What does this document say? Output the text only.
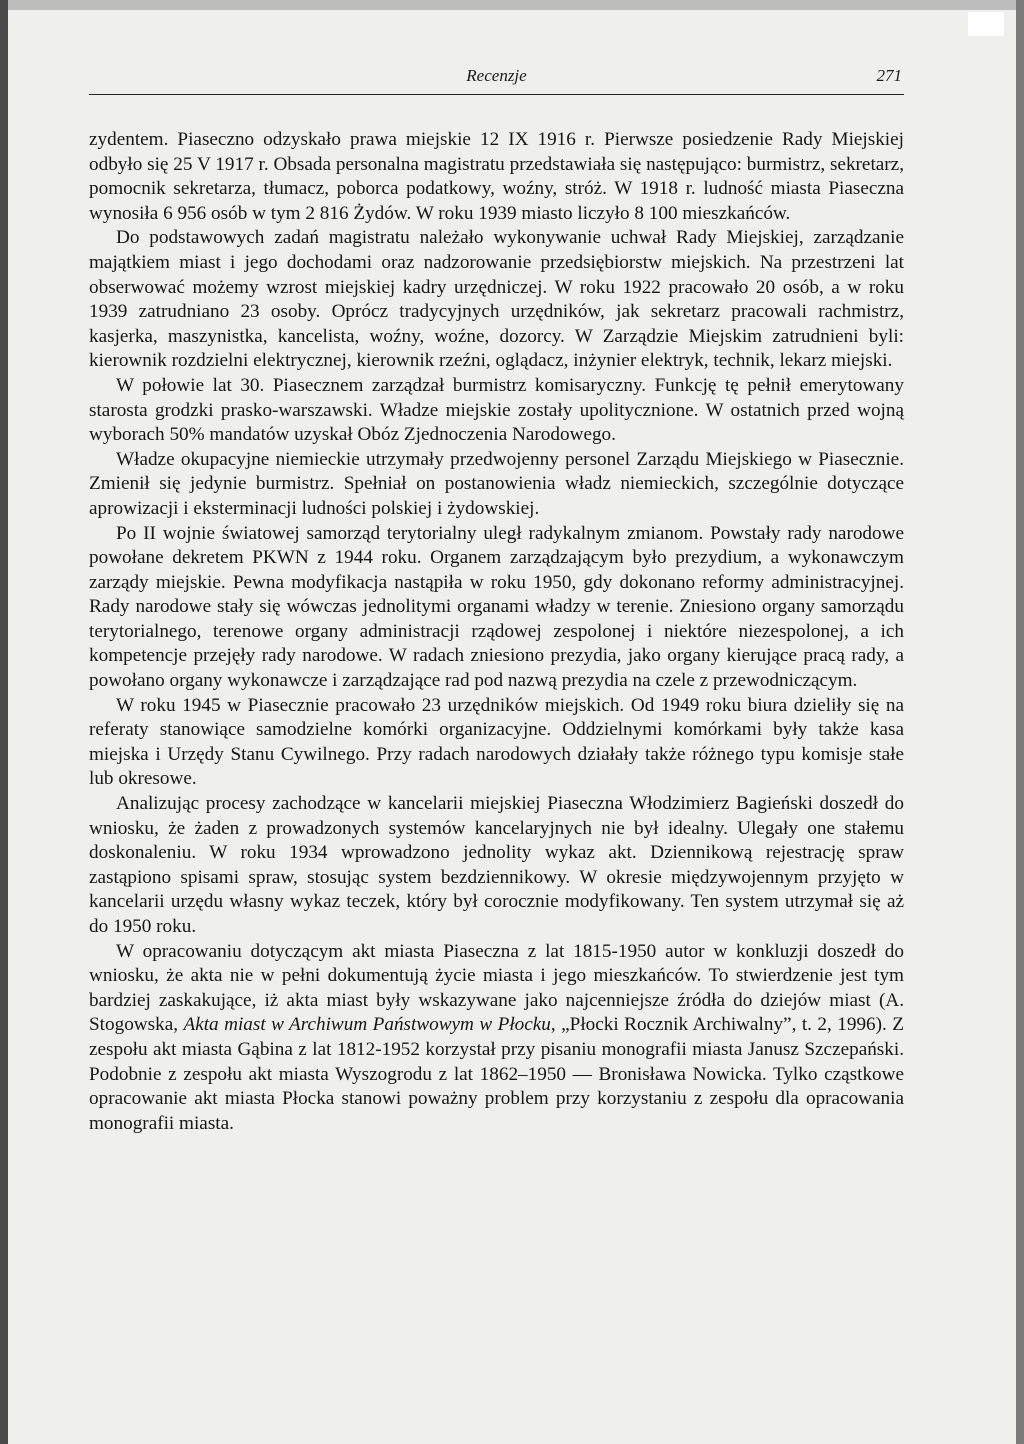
Recenzje	271

zydentem. Piaseczno odzyskało prawa miejskie 12 IX 1916 r. Pierwsze posiedzenie Rady Miejskiej odbyło się 25 V 1917 r. Obsada personalna magistratu przedstawiała się następująco: burmistrz, sekretarz, pomocnik sekretarza, tłumacz, poborca podatkowy, woźny, stróż. W 1918 r. ludność miasta Piaseczna wynosiła 6 956 osób w tym 2 816 Żydów. W roku 1939 miasto liczyło 8 100 mieszkańców.

Do podstawowych zadań magistratu należało wykonywanie uchwał Rady Miejskiej, zarządzanie majątkiem miast i jego dochodami oraz nadzorowanie przedsiębiorstw miejskich. Na przestrzeni lat obserwować możemy wzrost miejskiej kadry urzędniczej. W roku 1922 pracowało 20 osób, a w roku 1939 zatrudniano 23 osoby. Oprócz tradycyjnych urzędników, jak sekretarz pracowali rachmistrz, kasjerka, maszynistka, kancelista, woźny, woźne, dozorcy. W Zarządzie Miejskim zatrudnieni byli: kierownik rozdzielni elektrycznej, kierownik rzeźni, oglądacz, inżynier elektryk, technik, lekarz miejski.

W połowie lat 30. Piasecznem zarządzał burmistrz komisaryczny. Funkcję tę pełnił emerytowany starosta grodzki prasko-warszawski. Władze miejskie zostały upolitycznione. W ostatnich przed wojną wyborach 50% mandatów uzyskał Obóz Zjednoczenia Narodowego.

Władze okupacyjne niemieckie utrzymały przedwojenny personel Zarządu Miejskiego w Piasecznie. Zmienił się jedynie burmistrz. Spełniał on postanowienia władz niemieckich, szczególnie dotyczące aprowizacji i eksterminacji ludności polskiej i żydowskiej.

Po II wojnie światowej samorząd terytorialny uległ radykalnym zmianom. Powstały rady narodowe powołane dekretem PKWN z 1944 roku. Organem zarządzającym było prezydium, a wykonawczym zarządy miejskie. Pewna modyfikacja nastąpiła w roku 1950, gdy dokonano reformy administracyjnej. Rady narodowe stały się wówczas jednolitymi organami władzy w terenie. Zniesiono organy samorządu terytorialnego, terenowe organy administracji rządowej zespolonej i niektóre niezespolonej, a ich kompetencje przejęły rady narodowe. W radach zniesiono prezydia, jako organy kierujące pracą rady, a powołano organy wykonawcze i zarządzające rad pod nazwą prezydia na czele z przewodniczącym.

W roku 1945 w Piasecznie pracowało 23 urzędników miejskich. Od 1949 roku biura dzieliły się na referaty stanowiące samodzielne komórki organizacyjne. Oddzielnymi komórkami były także kasa miejska i Urzędy Stanu Cywilnego. Przy radach narodowych działały także różnego typu komisje stałe lub okresowe.

Analizując procesy zachodzące w kancelarii miejskiej Piaseczna Włodzimierz Bagieński doszedł do wniosku, że żaden z prowadzonych systemów kancelaryjnych nie był idealny. Ulegały one stałemu doskonaleniu. W roku 1934 wprowadzono jednolity wykaz akt. Dziennikową rejestrację spraw zastąpiono spisami spraw, stosując system bezdziennikowy. W okresie międzywojennym przyjęto w kancelarii urzędu własny wykaz teczek, który był corocznie modyfikowany. Ten system utrzymał się aż do 1950 roku.

W opracowaniu dotyczącym akt miasta Piaseczna z lat 1815-1950 autor w konkluzji doszedł do wniosku, że akta nie w pełni dokumentują życie miasta i jego mieszkańców. To stwierdzenie jest tym bardziej zaskakujące, iż akta miast były wskazywane jako najcenniejsze źródła do dziejów miast (A. Stogowska, Akta miast w Archiwum Państwowym w Płocku, „Płocki Rocznik Archiwalny”, t. 2, 1996). Z zespołu akt miasta Gąbina z lat 1812-1952 korzystał przy pisaniu monografii miasta Janusz Szczepański. Podobnie z zespołu akt miasta Wyszogrodu z lat 1862–1950 — Bronisława Nowicka. Tylko cząstkowe opracowanie akt miasta Płocka stanowi poważny problem przy korzystaniu z zespołu dla opracowania monografii miasta.
